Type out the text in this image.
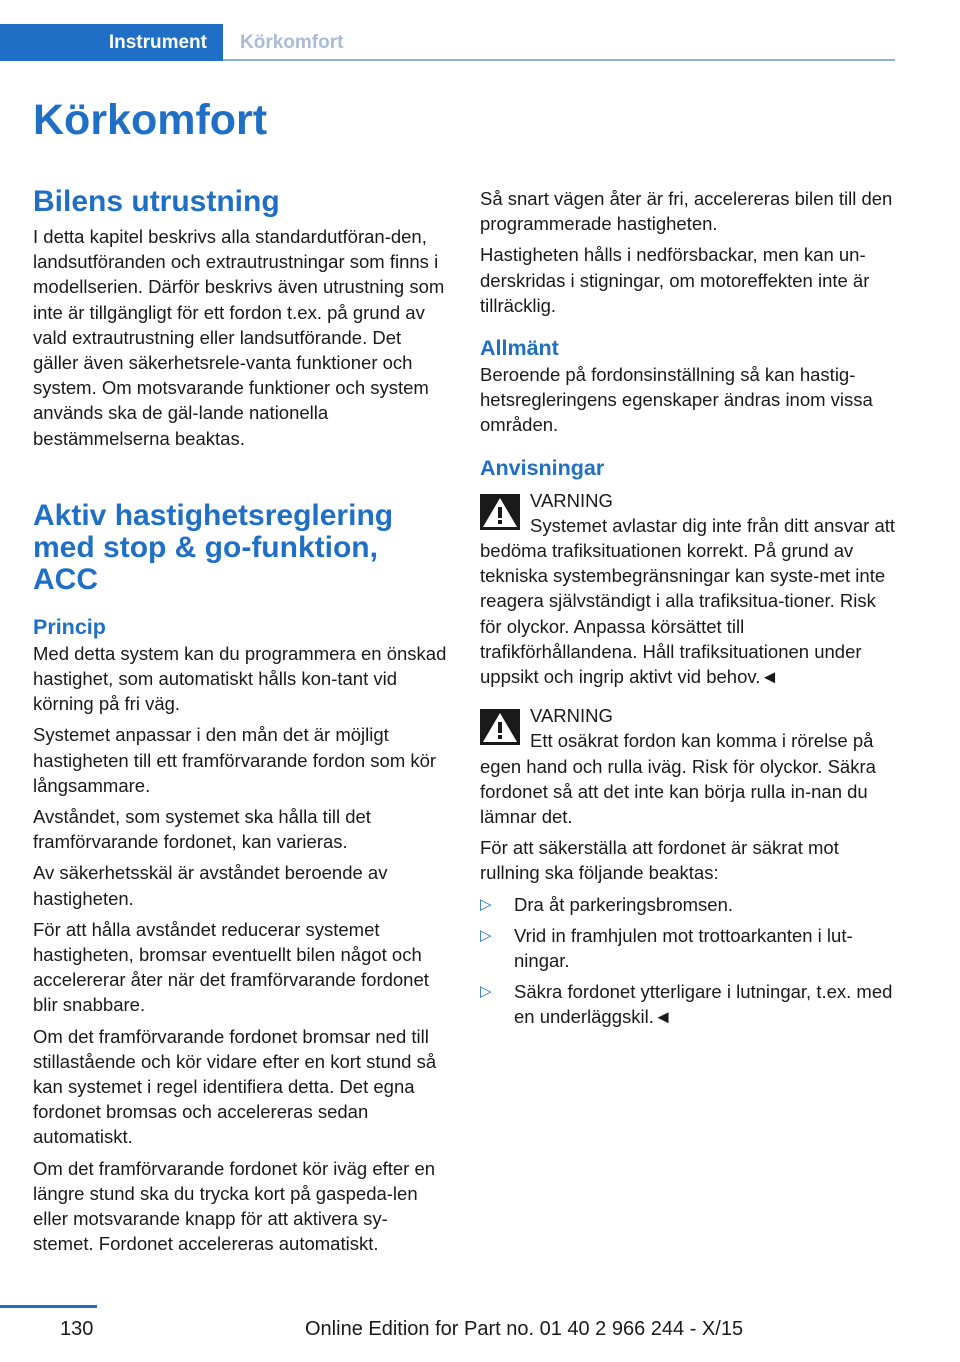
Instrument	Körkomfort
Körkomfort
Bilens utrustning

I detta kapitel beskrivs alla standardutföran-den, landsutföranden och extrautrustningar som finns i modellserien. Därför beskrivs även utrustning som inte är tillgängligt för ett fordon t.ex. på grund av vald extrautrustning eller landsutförande. Det gäller även säkerhetsrele-vanta funktioner och system. Om motsvarande funktioner och system används ska de gäl-lande nationella bestämmelserna beaktas.

Aktiv hastighetsreglering med stop & go-funktion, ACC
Princip

Med detta system kan du programmera en önskad hastighet, som automatiskt hålls kon-tant vid körning på fri väg.

Systemet anpassar i den mån det är möjligt hastigheten till ett framförvarande fordon som kör långsammare.

Avståndet, som systemet ska hålla till det framförvarande fordonet, kan varieras.

Av säkerhetsskäl är avståndet beroende av hastigheten.

För att hålla avståndet reducerar systemet hastigheten, bromsar eventuellt bilen något och accelererar åter när det framförvarande fordonet blir snabbare.

Om det framförvarande fordonet bromsar ned till stillastående och kör vidare efter en kort stund så kan systemet i regel identifiera detta. Det egna fordonet bromsas och accelereras sedan automatiskt.

Om det framförvarande fordonet kör iväg efter en längre stund ska du trycka kort på gaspeda-len eller motsvarande knapp för att aktivera sy-stemet. Fordonet accelereras automatiskt.

Så snart vägen åter är fri, accelereras bilen till den programmerade hastigheten.

Hastigheten hålls i nedförsbackar, men kan un-derskridas i stigningar, om motoreffekten inte är tillräcklig.

Allmänt

Beroende på fordonsinställning så kan hastig-hetsregleringens egenskaper ändras inom vissa områden.

Anvisningar
VARNING

Systemet avlastar dig inte från ditt ansvar att bedöma trafiksituationen korrekt. På grund av tekniska systembegränsningar kan syste-met inte reagera självständigt i alla trafiksitua-tioner. Risk för olyckor. Anpassa körsättet till trafikförhållandena. Håll trafiksituationen under uppsikt och ingrip aktivt vid behov.◄

VARNING

Ett osäkrat fordon kan komma i rörelse på egen hand och rulla iväg. Risk för olyckor. Säkra fordonet så att det inte kan börja rulla in-nan du lämnar det.

För att säkerställa att fordonet är säkrat mot rullning ska följande beaktas:

▷ Dra åt parkeringsbromsen.
▷ Vrid in framhjulen mot trottoarkanten i lut-ningar.
▷ Säkra fordonet ytterligare i lutningar, t.ex. med en underläggskil.◄
130	Online Edition for Part no. 01 40 2 966 244 - X/15
